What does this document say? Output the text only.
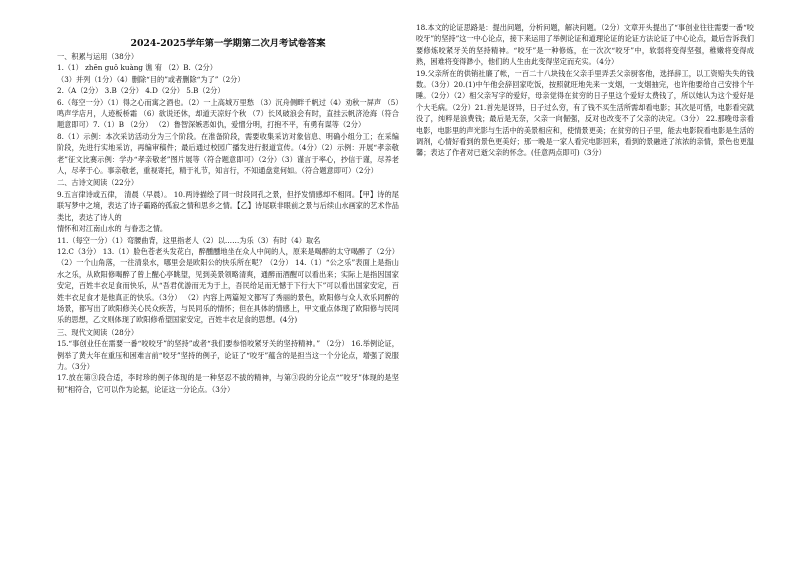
2024-2025学年第一学期第二次月考试卷答案
一、积累与运用（38分）
1.（1） zhēn guǒ kuàng 谯 宥 （2）B.（2分）
（3）并列（1分）（4）删除“目的”或者删除“为了”（2分）
2.（A（2分） 3.B（2分） 4.D（2分） 5.B（2分）
6.（每空一分）（1）得之心而寓之酒也。（2）一上高城万里愁 （3）沉舟侧畔千帆过（4）劝秋一屏声 （5）鸣声学店月，人迹板桥霜 （6）欲说还休，却道天凉好个秋 （7）长风破浪会有时，直挂云帆济沧海（符合题意即可）7.（1）B （2分） （2）鲁智深嫉恶如仇，爱憎分明，打抱不平，有勇有谋等（2分）
8.（1）示例：本次采访活动分为三个阶段。在准备阶段，需要收集采访对象信息、明确小组分工；在采编阶段，先进行实地采访，再编审稿件；最后通过校园广播发进行报道宣传。（4分）（2）示例：开展“孝亲敬老”征文比赛示例：学办“孝亲敬老”图片展等（符合题意即可）（2分）（3）谨言于率心，抄信于谨，尽养老人，尽孝于心。事亲敬老，重视寄托，精于礼节，知言行，不知通盘竟何如。（符合题意即可）（2分）
二、古诗文阅读（22分）
9.五言律诗或五律， 清晨（早晨）。 10.两诗描绘了同一时段同孔之景，但抒发情感却不相同。【甲】诗的尾联写梦中之境，表达了诗子霸路的孤寂之情和思乡之情。【乙】诗尾联非眼前之景与后续山水画家的艺术作品类比，表达了诗人的
情怀和对江南山水的 与眷恋之情。
11.（每空一分）（1）弯腰曲背，这里指老人（2）以……为乐（3）有时（4）取名
12.C（3分） 13.（1）脸色苍老头发花白，醉醺醺地坐在众人中间的人，原来是喝醉的太守喝醉了（2分）（2）一个山角落，一往清泉水，哪里会是欧阳公的快乐所在呢？（2分） 14.（1）“公之乐”表面上是指山水之乐，从欧阳修喝醉了曾上醒心亭眺望，见到美景领略清爽，通醉而酒醒可以看出来；实际上是指因国家安定，百姓丰衣足食而快乐，从“吾君优游而无为于上，吾民给足而无憾于下行大下”可以看出国家安定，百姓丰衣足食才是他真正的快乐。（3分） （2）内容上两篇短文都写了秀丽的景色，欧阳修与众人欢乐同醉的场景，都写出了欧阳修关心民众疾苦，与民同乐的情怀；但在具体的情感上，甲文重点体现了欧阳修与民同乐的思想，乙文则体现了欧阳修希望国家安定，百姓丰衣足食的思想。(4分)
三、现代文阅读（28分）
15.“事创业任在需要一番“咬咬牙”的坚持”或者“我们要参悟咬紧牙关的坚持精神。” （2分） 16.举例论证，例举了黄大年在重压和困难言前“咬牙”坚持的例子，论证了“咬牙”蕴含的是担当这一个分论点，增强了说服力。（3分）
17.放在第③段合适，李时珍的例子体现的是一种坚忍不拔的精神，与第③段的分论点“”咬牙”体现的是坚韧”相符合，它可以作为论据，论证这一分论点。（3分）
18.本文的论证思路是：提出问题，分析问题，解决问题。（2分）文章开头提出了“事创业往往需要一番“咬咬牙”的坚持”这一中心论点，接下来运用了举例论证和道理论证的论证方法论证了中心论点，最后告诉我们要修炼咬紧牙关的坚持精神。“咬牙”是一种修炼，在一次次“咬牙”中，软弱将变得坚强，稚嫩将变得成熟，困难将变得渺小，他们的人生由此变得坚定而充实。（4分）
19.父亲所在的供销社廉了帐，一百二十八块钱在父亲手里弄丢父亲厨客他，选择辞工，以工资赔失失的钱数。（3分）20.(1)中午他会辞回家吃饭，按照就旺地先来一支烟，一支烟抽完，也许他要给自己安排个午睡。（2分）（2）相父亲写字的爱好，母亲觉得在贫穷的日子里这个爱好太费钱了，所以她认为这个爱好是个大毛病。（2分）21.首先是讶异，日子过么穷，有了钱不买生活所需却看电影；其次是可惜，电影看完就没了，纯粹是浪费钱；最后是无奈，父亲一向倔强，反对也改变不了父亲的决定。（3分） 22.那晚母亲看电影，电影里的声光影与生活中的美景相应和，使情景更美；在贫穷的日子里，能去电影院看电影是生活的调剂，心情好看到的景色更美好；那一晚是一家人看完电影回来，看到的景融进了浓浓的亲情，景色也更温馨；表达了作者对已逝父亲的怀念。(任意两点即可)（3分）
